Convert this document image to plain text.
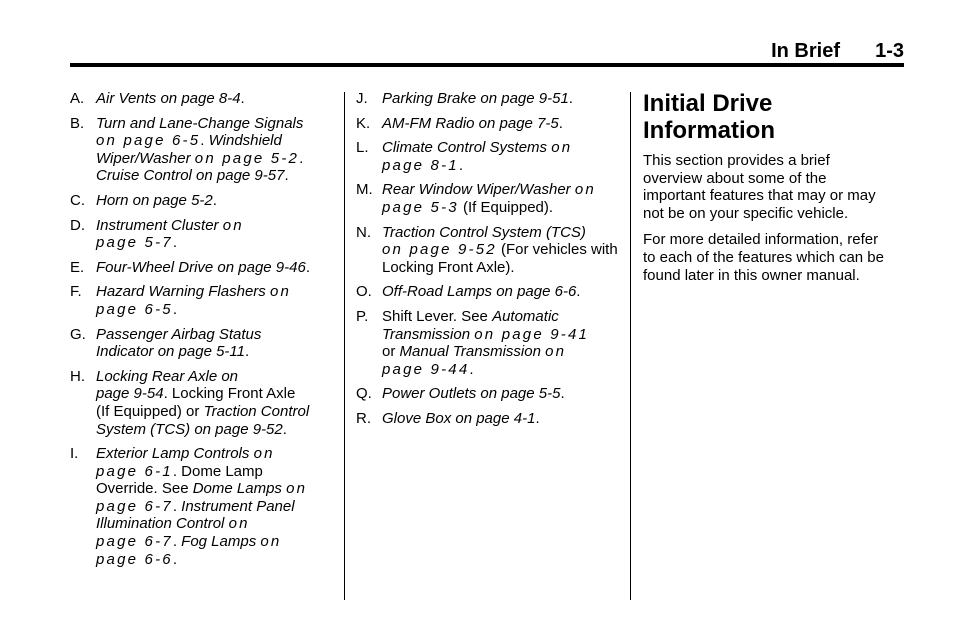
In Brief 1-3
A. Air Vents on page 8-4.
B. Turn and Lane-Change Signals
on page 6-5. Windshield
Wiper/Washer on page 5-2.
Cruise Control on page 9-57.
C. Horn on page 5-2.
D. Instrument Cluster on
page 5-7.
E. Four-Wheel Drive on page 9-46.
F. Hazard Warning Flashers on
page 6-5.
G. Passenger Airbag Status
Indicator on page 5-11.
H. Locking Rear Axle on
page 9-54. Locking Front Axle
(If Equipped) or Traction Control
System (TCS) on page 9-52.
I. Exterior Lamp Controls on
page 6-1. Dome Lamp
Override. See Dome Lamps on
page 6-7. Instrument Panel
Illumination Control on
page 6-7. Fog Lamps on
page 6-6.
J. Parking Brake on page 9-51.
K. AM-FM Radio on page 7-5.
L. Climate Control Systems on
page 8-1.
M. Rear Window Wiper/Washer on
page 5-3 (If Equipped).
N. Traction Control System (TCS)
on page 9-52 (For vehicles with
Locking Front Axle).
O. Off-Road Lamps on page 6-6.
P. Shift Lever. See Automatic
Transmission on page 9-41
or Manual Transmission on
page 9-44.
Q. Power Outlets on page 5-5.
R. Glove Box on page 4-1.
Initial Drive
Information

This section provides a brief
overview about some of the
important features that may or may
not be on your specific vehicle.

For more detailed information, refer
to each of the features which can be
found later in this owner manual.
